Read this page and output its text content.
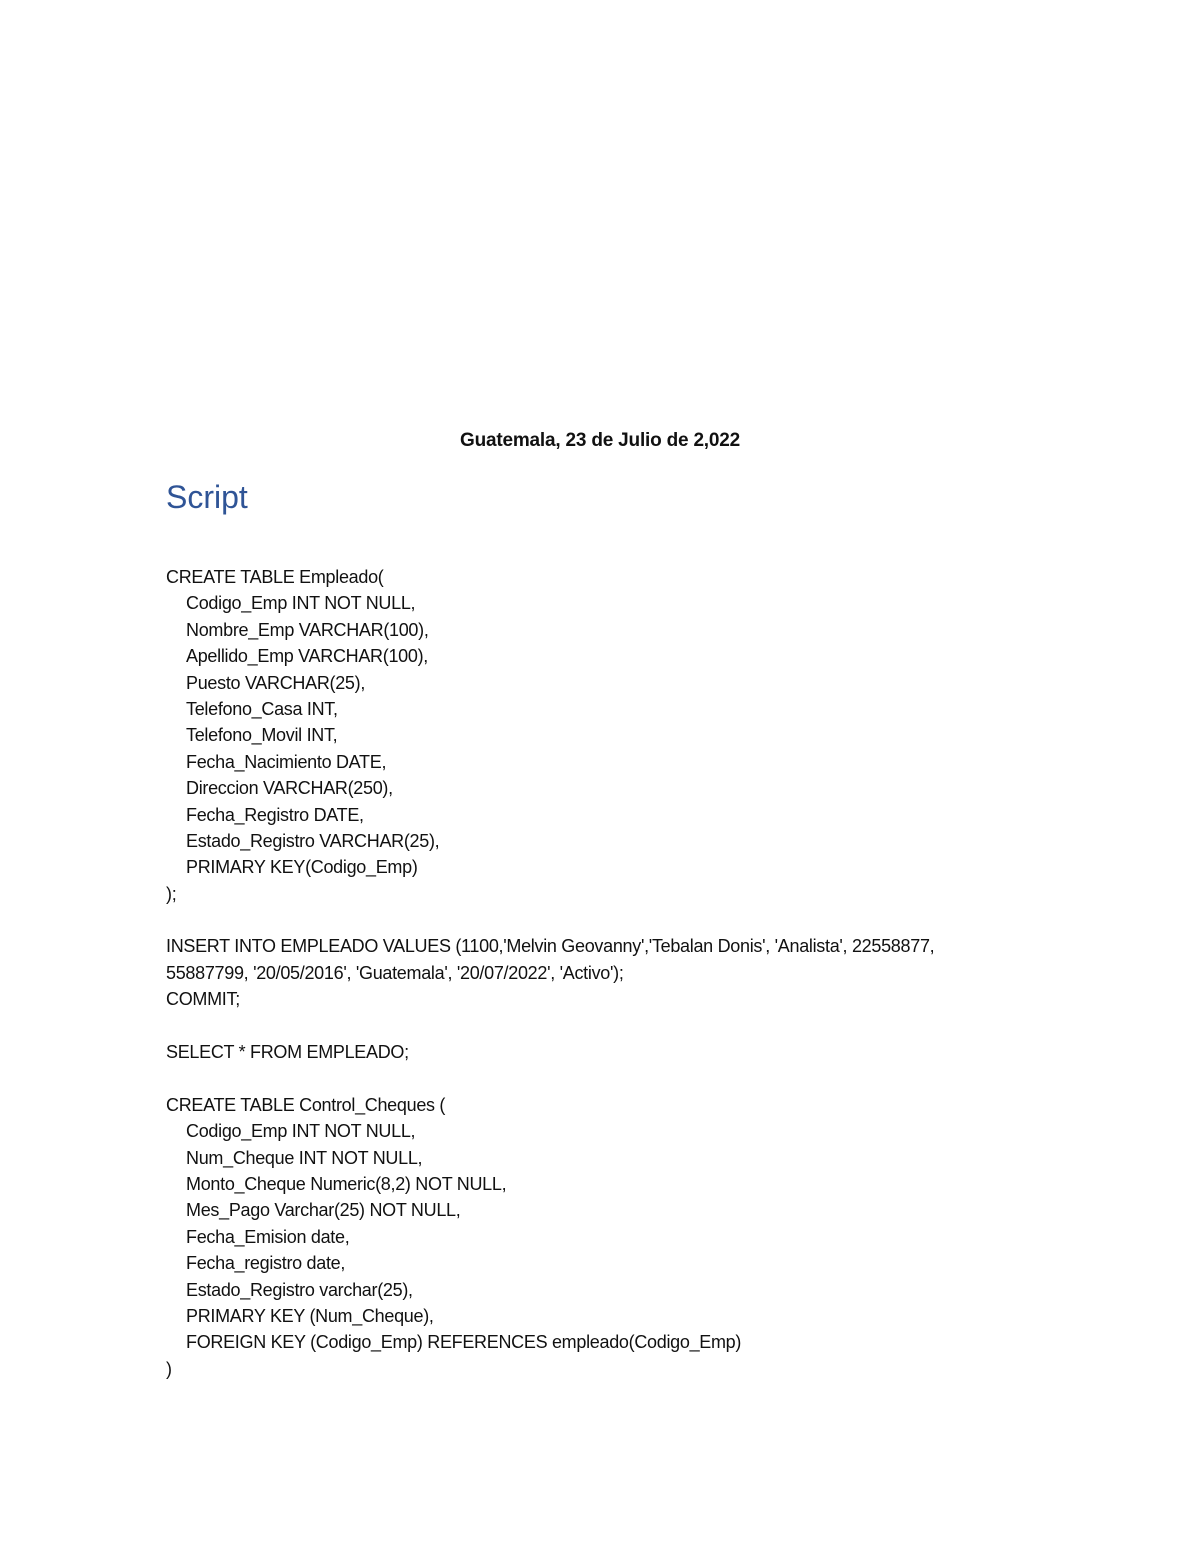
Guatemala, 23 de Julio de 2,022
Script
CREATE TABLE Empleado(
Codigo_Emp INT NOT NULL,
Nombre_Emp VARCHAR(100),
Apellido_Emp VARCHAR(100),
Puesto VARCHAR(25),
Telefono_Casa INT,
Telefono_Movil INT,
Fecha_Nacimiento DATE,
Direccion VARCHAR(250),
Fecha_Registro DATE,
Estado_Registro VARCHAR(25),
PRIMARY KEY(Codigo_Emp)
);
INSERT INTO EMPLEADO VALUES (1100,'Melvin Geovanny','Tebalan Donis', 'Analista', 22558877,
55887799, '20/05/2016', 'Guatemala', '20/07/2022', 'Activo');
COMMIT;
SELECT * FROM EMPLEADO;
CREATE TABLE Control_Cheques (
Codigo_Emp INT NOT NULL,
Num_Cheque INT NOT NULL,
Monto_Cheque Numeric(8,2) NOT NULL,
Mes_Pago Varchar(25) NOT NULL,
Fecha_Emision date,
Fecha_registro date,
Estado_Registro varchar(25),
PRIMARY KEY (Num_Cheque),
FOREIGN KEY (Codigo_Emp) REFERENCES empleado(Codigo_Emp)
)
